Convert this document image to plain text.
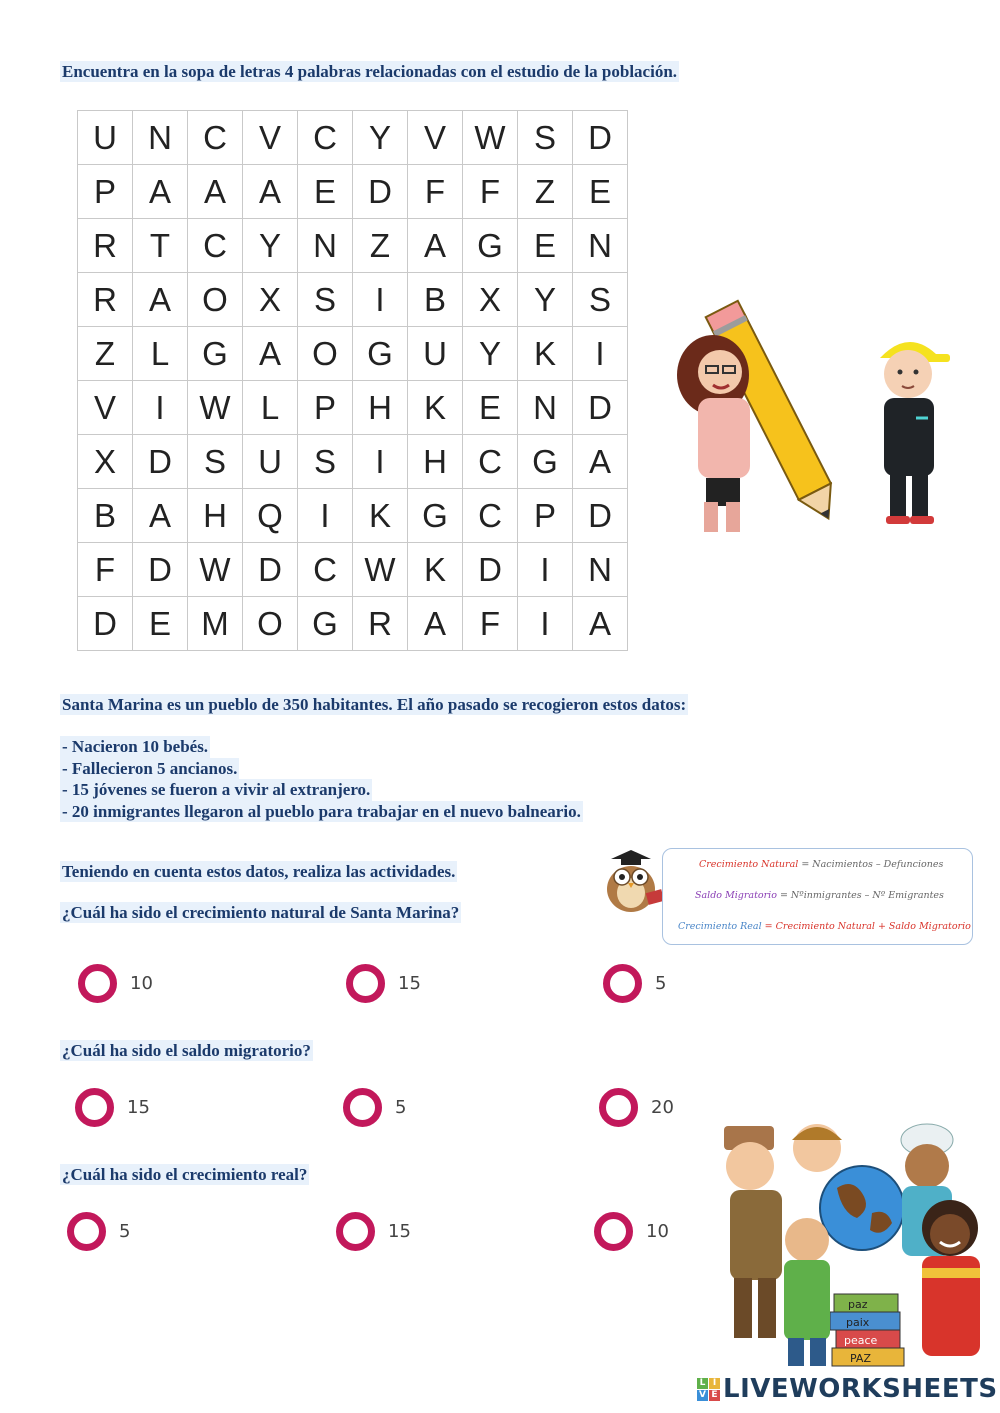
Encuentra en la sopa de letras 4 palabras relacionadas con el estudio de la población.
U	N	C	V	C	Y	V	W	S	D
P	A	A	A	E	D	F	F	Z	E
R	T	C	Y	N	Z	A	G	E	N
R	A	O	X	S	I	B	X	Y	S
Z	L	G	A	O	G	U	Y	K	I
V	I	W	L	P	H	K	E	N	D
X	D	S	U	S	I	H	C	G	A
B	A	H	Q	I	K	G	C	P	D
F	D	W	D	C	W	K	D	I	N
D	E	M	O	G	R	A	F	I	A
Santa Marina es un pueblo de 350 habitantes. El año pasado se recogieron estos datos:
- Nacieron 10 bebés.
- Fallecieron 5 ancianos.
- 15 jóvenes se fueron a vivir al extranjero.
- 20 inmigrantes llegaron al pueblo para trabajar en el nuevo balneario.
Teniendo en cuenta estos datos, realiza las actividades.	Crecimiento Natural = Nacimientos – Defunciones
Saldo Migratorio = Nºinmigrantes – Nº Emigrantes
Crecimiento Real = Crecimiento Natural + Saldo Migratorio
¿Cuál ha sido el crecimiento natural de Santa Marina?
10	15	5
¿Cuál ha sido el saldo migratorio?
15	5	20
¿Cuál ha sido el crecimiento real?
5	15	10
paz
paix
peace
PAZ
L I
V E LIVEWORKSHEETS
